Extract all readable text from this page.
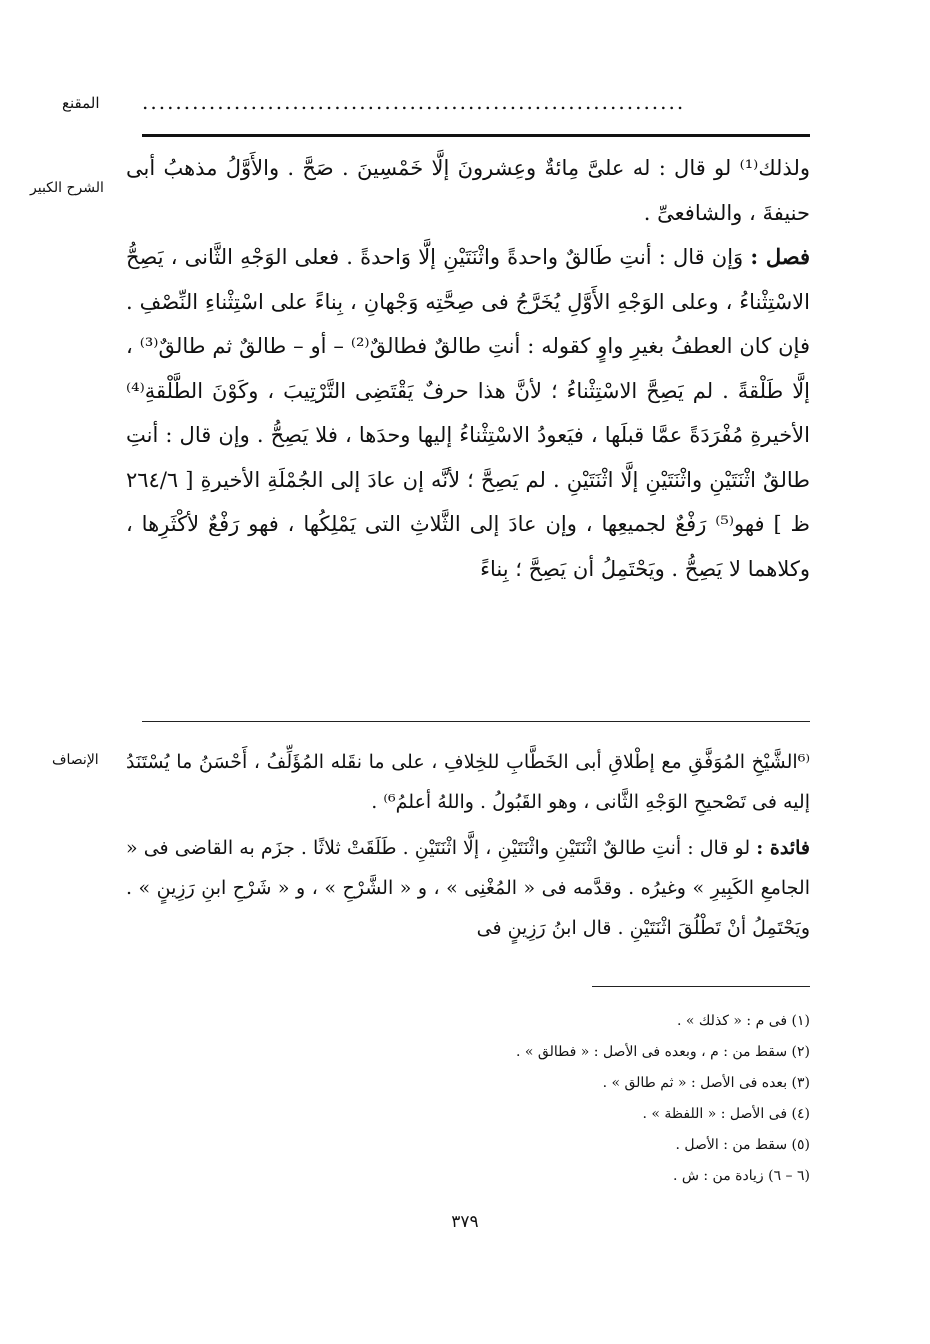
المقنع .................................................................
الشرح الكبير

ولذلك⁽¹⁾ لو قال : له علىَّ مِائةٌ وعِشرونَ إلَّا خَمْسِينَ . صَحَّ . والأَوَّلُ مذهبُ أبى حنيفةَ ، والشافعىِّ .

فصل : وَإن قال : أنتِ طَالقٌ واحدةً واثْنَتَيْنِ إلَّا وَاحدةً . فعلى الوَجْهِ الثَّانى ، يَصِحُّ الاسْتِثْناءُ ، وعلى الوَجْهِ الأَوَّلِ يُخَرَّجُ فى صِحَّتِه وَجْهانِ ، بِناءً على اسْتِثْناءِ النِّصْفِ . فإن كان العطفُ بغيرِ واوٍ كقوله : أنتِ طالقٌ فطالقٌ⁽²⁾ – أو – طالقٌ ثم طالقٌ⁽³⁾ ، إلَّا طَلْقةً . لم يَصِحَّ الاسْتِثْناءُ ؛ لأنَّ هذا حرفٌ يَقْتَضِى التَّرْتِيبَ ، وكَوْنَ الطَّلْقةِ⁽⁴⁾ الأخيرةِ مُفْرَدَةً عمَّا قبلَها ، فيَعودُ الاسْتِثْناءُ إليها وحدَها ، فلا يَصِحُّ . وإن قال : أنتِ طالقٌ اثْنَتَيْنِ واثْنَتَيْنِ إلَّا اثْنَتَيْنِ . لم يَصِحَّ ؛ لأنَّه إن عادَ إلى الجُمْلَةِ الأخيرةِ [ ٢٦٤/٦ ظ ] فهو⁽⁵⁾ رَفْعٌ لجميعِها ، وإن عادَ إلى الثَّلاثِ التى يَمْلِكُها ، فهو رَفْعٌ لأكْثَرِها ، وكلاهما لا يَصِحُّ . ويَحْتَمِلُ أن يَصِحَّ ؛ بِناءً

الإنصاف ⁽⁶الشَّيْخِ المُوَفَّقِ مع إطْلاقِ أبى الخَطَّابِ للخِلافِ ، على ما نقَله المُؤَلِّفُ ، أَحْسَنُ ما يُسْتَنَدُ إليه فى تَصْحيحِ الوَجْهِ الثَّانى ، وهو القَبُولُ . واللهُ أعلمُ⁶⁾ .

فائدة : لو قال : أنتِ طالقٌ اثْنَتَيْنِ واثْنَتَيْنِ ، إلَّا اثْنَتَيْنِ . طَلَقَتْ ثلاثًا . جزَم به القاضى فى « الجامعِ الكَبِيرِ » وغيرُه . وقدَّمه فى « المُغْنِى » ، و « الشَّرْحِ » ، و « شَرْحِ ابنِ رَزِينٍ » . ويَحْتَمِلُ أنْ تَطْلُقَ اثْنَتَيْنِ . قال ابنُ رَزِينٍ فى

(١) فى م : « كذلك » .
(٢) سقط من : م ، وبعده فى الأصل : « فطالق » .
(٣) بعده فى الأصل : « ثم طالق » .
(٤) فى الأصل : « اللفظة » .
(٥) سقط من : الأصل .
(٦ – ٦) زيادة من : ش .
٣٧٩
